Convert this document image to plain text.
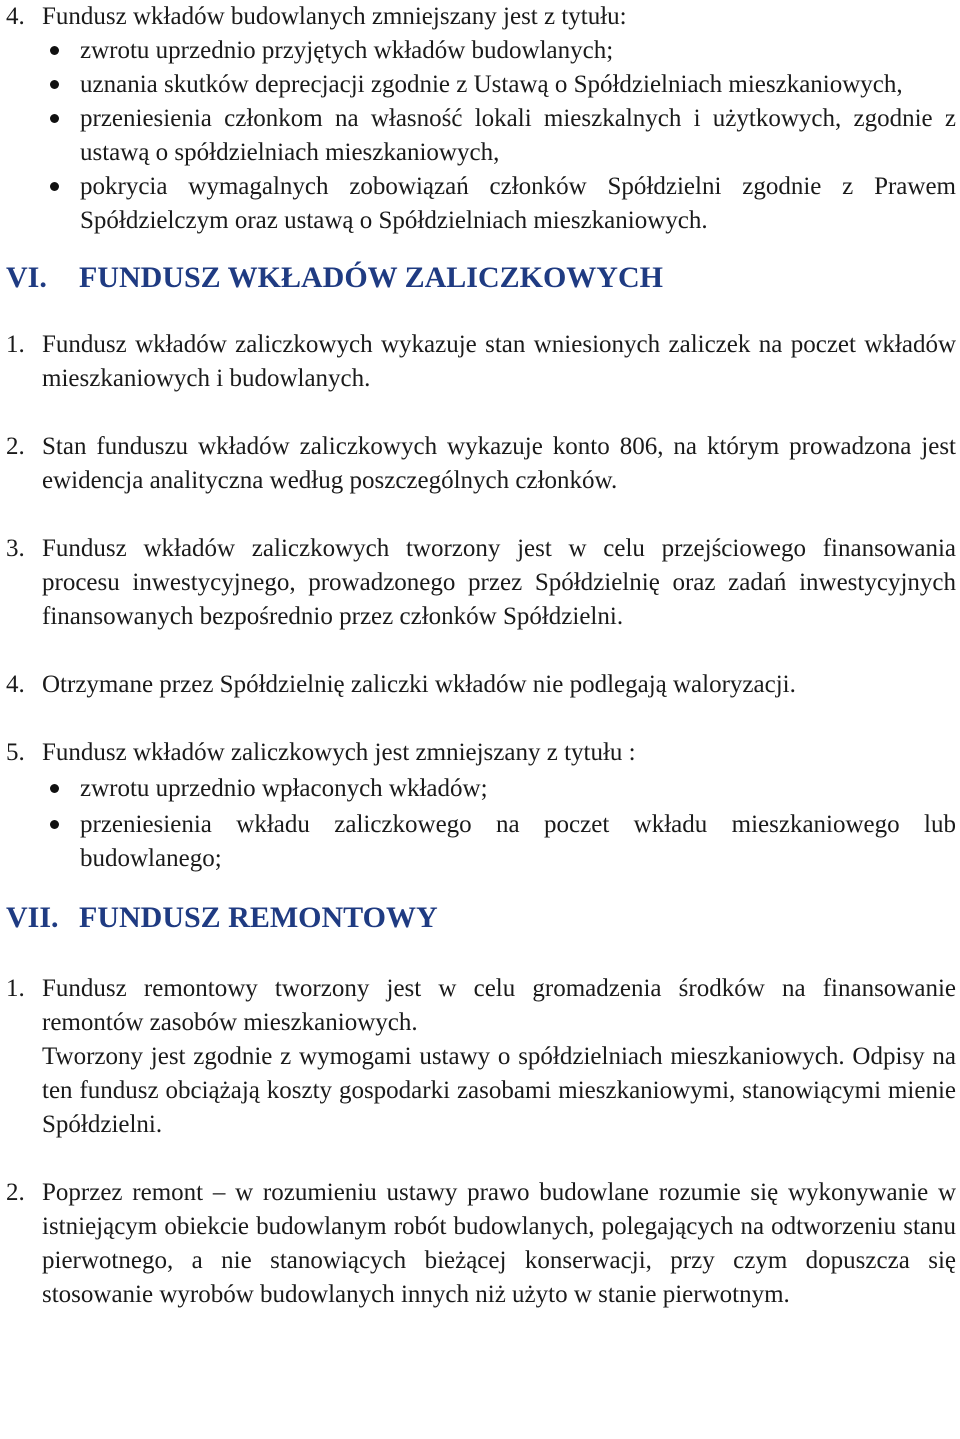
4. Fundusz wkładów budowlanych zmniejszany jest z tytułu:
zwrotu uprzednio przyjętych wkładów budowlanych;
uznania skutków deprecjacji zgodnie z Ustawą o Spółdzielniach mieszkaniowych,
przeniesienia członkom na własność lokali mieszkalnych i użytkowych, zgodnie z ustawą o spółdzielniach mieszkaniowych,
pokrycia wymagalnych zobowiązań członków Spółdzielni zgodnie z Prawem Spółdzielczym oraz ustawą o Spółdzielniach mieszkaniowych.
VI.	FUNDUSZ WKŁADÓW ZALICZKOWYCH
1. Fundusz wkładów zaliczkowych wykazuje stan wniesionych zaliczek na poczet wkładów mieszkaniowych i budowlanych.
2. Stan funduszu wkładów zaliczkowych wykazuje konto 806, na którym prowadzona jest ewidencja analityczna według poszczególnych członków.
3. Fundusz wkładów zaliczkowych tworzony jest w celu przejściowego finansowania procesu inwestycyjnego, prowadzonego przez Spółdzielnię oraz zadań inwestycyjnych finansowanych bezpośrednio przez członków Spółdzielni.
4. Otrzymane przez Spółdzielnię zaliczki wkładów nie podlegają waloryzacji.
5. Fundusz wkładów zaliczkowych jest zmniejszany z tytułu :
zwrotu uprzednio wpłaconych wkładów;
przeniesienia wkładu zaliczkowego na poczet wkładu mieszkaniowego lub budowlanego;
VII. FUNDUSZ REMONTOWY
1. Fundusz remontowy tworzony jest w celu gromadzenia środków na finansowanie remontów zasobów mieszkaniowych.
Tworzony jest zgodnie z wymogami ustawy o spółdzielniach mieszkaniowych. Odpisy na ten fundusz obciążają koszty gospodarki zasobami mieszkaniowymi, stanowiącymi mienie Spółdzielni.
2. Poprzez remont – w rozumieniu ustawy prawo budowlane rozumie się wykonywanie w istniejącym obiekcie budowlanym robót budowlanych, polegających na odtworzeniu stanu pierwotnego, a nie stanowiących bieżącej konserwacji, przy czym dopuszcza się stosowanie wyrobów budowlanych innych niż użyto w stanie pierwotnym.
